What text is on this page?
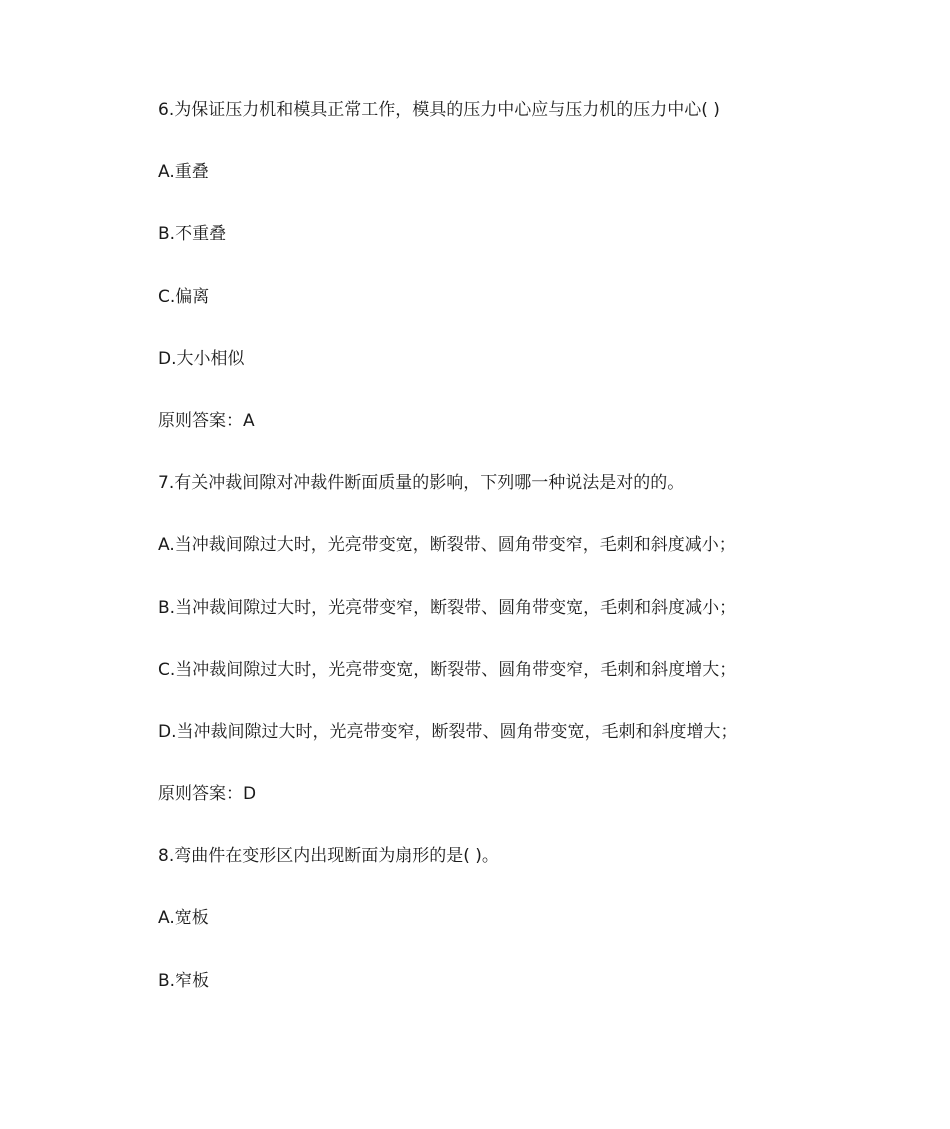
6.为保证压力机和模具正常工作，模具的压力中心应与压力机的压力中心( )
A.重叠
B.不重叠
C.偏离
D.大小相似
原则答案：A
7.有关冲裁间隙对冲裁件断面质量的影响，下列哪一种说法是对的的。
A.当冲裁间隙过大时，光亮带变宽，断裂带、圆角带变窄，毛刺和斜度减小；
B.当冲裁间隙过大时，光亮带变窄，断裂带、圆角带变宽，毛刺和斜度减小；
C.当冲裁间隙过大时，光亮带变宽，断裂带、圆角带变窄，毛刺和斜度增大；
D.当冲裁间隙过大时，光亮带变窄，断裂带、圆角带变宽，毛刺和斜度增大；
原则答案：D
8.弯曲件在变形区内出现断面为扇形的是( )。
A.宽板
B.窄板
